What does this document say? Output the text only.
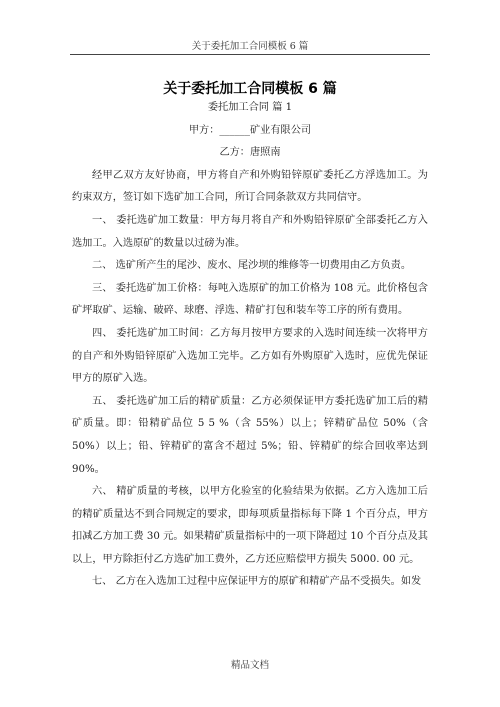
关于委托加工合同模板 6 篇
关于委托加工合同模板 6 篇

委托加工合同 篇 1

甲方：______矿业有限公司

乙方：唐照南

经甲乙双方友好协商，甲方将自产和外购铅锌原矿委托乙方浮选加工。为约束双方，签订如下选矿加工合同，所订合同条款双方共同信守。

一、 委托选矿加工数量：甲方每月将自产和外购铅锌原矿全部委托乙方入选加工。入选原矿的数量以过磅为准。

二、 选矿所产生的尾沙、废水、尾沙坝的维修等一切费用由乙方负责。

三、 委托选矿加工价格：每吨入选原矿的加工价格为 108 元。此价格包含矿坪取矿、运输、破碎、球磨、浮选、精矿打包和装车等工序的所有费用。

四、 委托选矿加工时间：乙方每月按甲方要求的入选时间连续一次将甲方的自产和外购铅锌原矿入选加工完毕。乙方如有外购原矿入选时，应优先保证甲方的原矿入选。

五、 委托选矿加工后的精矿质量：乙方必须保证甲方委托选矿加工后的精矿质量。即：铅精矿品位 5 5 %（含 55%）以上；锌精矿品位 50%（含 50%）以上；铅、锌精矿的富含不超过 5%；铅、锌精矿的综合回收率达到 90%。

六、 精矿质量的考核，以甲方化验室的化验结果为依据。乙方入选加工后的精矿质量达不到合同规定的要求，即每项质量指标每下降 1 个百分点，甲方扣减乙方加工费 30 元。如果精矿质量指标中的一项下降超过 10 个百分点及其以上，甲方除拒付乙方选矿加工费外，乙方还应赔偿甲方损失 5000. 00 元。

七、 乙方在入选加工过程中应保证甲方的原矿和精矿产品不受损失。如发

精品文档
